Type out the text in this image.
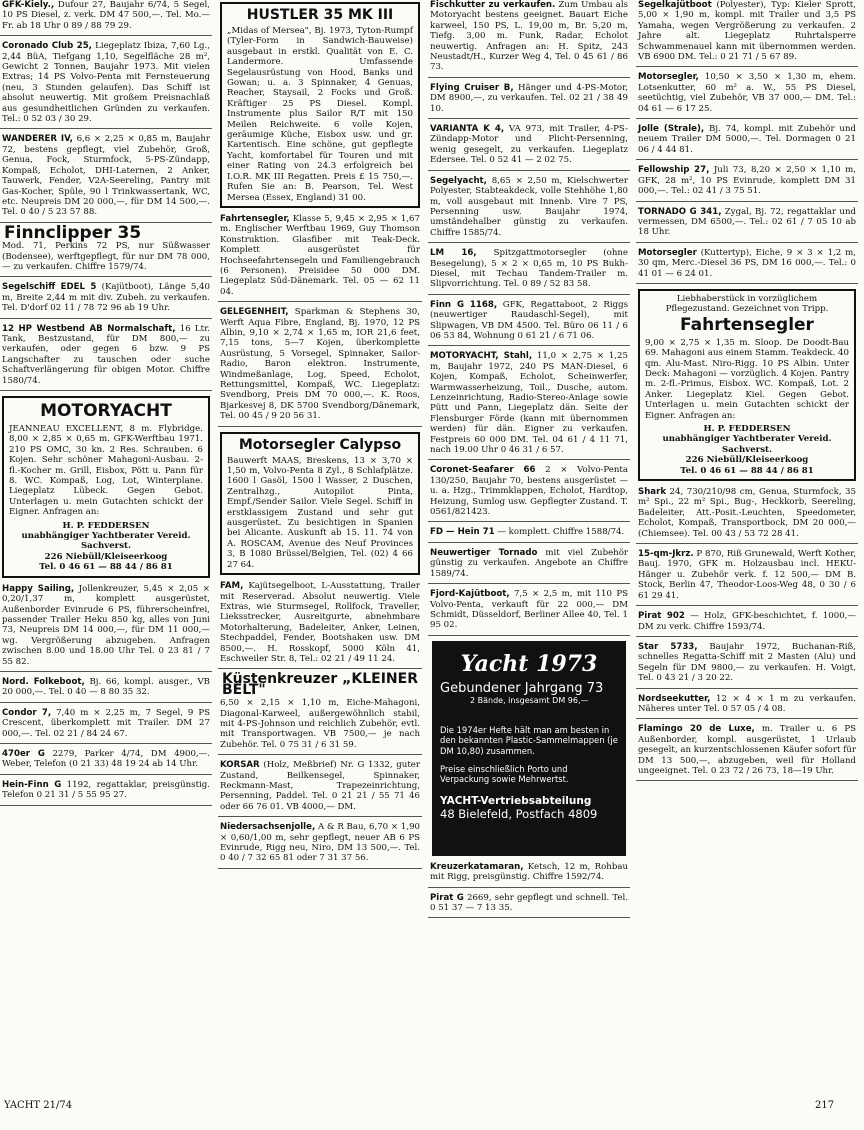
GFK-Kiely., Dufour 27, Baujahr 6/74, 5 Segel, 10 PS Diesel, z. verk. DM 47 500,—. Tel. Mo.—Fr. ab 18 Uhr 0 89 / 88 79 29.

Coronado Club 25, Liegeplatz Ibiza, 7,60 Lg., 2,44 BüA, Tiefgang 1,10, Segelfläche 28 m², Gewicht 2 Tonnen, Baujahr 1973. Mit vielen Extras; 14 PS Volvo-Penta mit Fernsteuerung (neu, 3 Stunden gelaufen). Das Schiff ist absolut neuwertig. Mit großem Preisnachlaß aus gesundheitlichen Gründen zu verkaufen. Tel.: 0 52 03 / 30 29.

WANDERER IV, 6,6 × 2,25 × 0,85 m, Baujahr 72, bestens gepflegt, viel Zubehör, Groß, Genua, Fock, Sturmfock, 5-PS-Zündapp, Kompaß, Echolot, DHI-Laternen, 2 Anker, Tauwerk, Fender, V2A-Seereling, Pantry mit Gas-Kocher, Spüle, 90 l Trinkwassertank, WC, etc. Neupreis DM 20 000,—, für DM 14 500,—. Tel. 0 40 / 5 23 57 88.

Finnclipper 35

Mod. 71, Perkins 72 PS, nur Süßwasser (Bodensee), werftgepflegt, für nur DM 78 000,— zu verkaufen. Chiffre 1579/74.

Segelschiff EDEL 5 (Kajütboot), Länge 5,40 m, Breite 2,44 m mit div. Zubeh. zu verkaufen. Tel. D'dorf 02 11 / 78 72 96 ab 19 Uhr.

12 HP Westbend AB Normalschaft, 16 Ltr. Tank, Bestzustand, für DM 800,— zu verkaufen, oder gegen 6 bzw. 9 PS Langschafter zu tauschen oder suche Schaftverlängerung für obigen Motor. Chiffre 1580/74.

MOTORYACHT

JEANNEAU EXCELLENT, 8 m. Flybridge. 8,00 × 2,85 × 0,65 m. GFK-Werftbau 1971. 210 PS OMC, 30 kn. 2 Res. Schrauben. 6 Kojen. Sehr schöner Mahagoni-Ausbau. 2-fl.-Kocher m. Grill, Eisbox, Pött u. Pann für 8. WC. Kompaß, Log, Lot, Winterplane. Liegeplatz Lübeck. Gegen Gebot. Unterlagen u. mein Gutachten schickt der Eigner. Anfragen an:

H. P. FEDDERSEN

unabhängiger Yachtberater Vereid. Sachverst.

226 Niebüll/Kleiseerkoog

Tel. 0 46 61 — 88 44 / 86 81

Happy Sailing, Jollenkreuzer, 5,45 × 2,05 × 0,20/1,37 m, komplett ausgerüstet, Außenborder Evinrude 6 PS, führerscheinfrei, passender Trailer Heku 850 kg, alles von Juni 73, Neupreis DM 14 000,—, für DM 11 000,— wg. Vergrößerung abzugeben. Anfragen zwischen 8.00 und 18.00 Uhr Tel. 0 23 81 / 7 55 82.

Nord. Folkeboot, Bj. 66, kompl. ausger., VB 20 000,—. Tel. 0 40 — 8 80 35 32.

Condor 7, 7,40 m × 2,25 m, 7 Segel, 9 PS Crescent, überkomplett mit Trailer. DM 27 000,—. Tel. 02 21 / 84 24 67.

470er G 2279, Parker 4/74, DM 4900,—. Weber, Telefon (0 21 33) 48 19 24 ab 14 Uhr.

Hein-Finn G 1192, regattaklar, preisgünstig. Telefon 0 21 31 / 5 55 95 27.

HUSTLER 35 MK III

„Midas of Mersea", Bj. 1973, Tyton-Rumpf (Tyler-Form in Sandwich-Bauweise) ausgebaut in erstkl. Qualität von E. C. Landermore. Umfassende Segelausrüstung von Hood, Banks und Gowan; u. a. 3 Spinnaker, 4 Genuas, Reacher, Staysail, 2 Focks und Groß. Kräftiger 25 PS Diesel. Kompl. Instrumente plus Sailor R/T mit 150 Meilen Reichweite. 6 volle Kojen, geräumige Küche, Eisbox usw. und gr. Kartentisch. Eine schöne, gut gepflegte Yacht, komfortabel für Touren und mit einer Rating von 24.3 erfolgreich bei I.O.R. MK III Regatten. Preis £ 15 750,—. Rufen Sie an: B. Pearson, Tel. West Mersea (Essex, England) 31 00.

Fahrtensegler, Klasse 5, 9,45 × 2,95 × 1,67 m. Englischer Werftbau 1969, Guy Thomson Konstruktion. Glasfiber mit Teak-Deck. Komplett ausgerüstet für Hochseefahrtensegeln und Familiengebrauch (6 Personen). Preisidee 50 000 DM. Liegeplatz Süd-Dänemark. Tel. 05 — 62 11 04.

GELEGENHEIT, Sparkman & Stephens 30, Werft Aqua Fibre, England, Bj. 1970, 12 PS Albin, 9,10 × 2,74 × 1,65 m, IOR 21,6 feet, 7,15 tons, 5—7 Kojen, überkomplette Ausrüstung, 5 Vorsegel, Spinnaker, Sailor-Radio, Baron elektron. Instrumente, Windmeßanlage, Log, Speed, Echolot, Rettungsmittel, Kompaß, WC. Liegeplatz: Svendborg, Preis DM 70 000,—. K. Roos, Bjarkesvej 8, DK 5700 Svendborg/Dänemark, Tel. 00 45 / 9 20 56 31.

Motorsegler Calypso

Bauwerft MAAS, Breskens, 13 × 3,70 × 1,50 m, Volvo-Penta 8 Zyl., 8 Schlafplätze. 1600 l Gasöl, 1500 l Wasser, 2 Duschen, Zentralhzg., Autopilot Pinta, Empf./Sender Sailor. Viele Segel. Schiff in erstklassigem Zustand und sehr gut ausgerüstet. Zu besichtigen in Spanien bei Alicante. Auskunft ab 15. 11. 74 von A. ROSCAM, Avenue des Neuf Provinces 3, B 1080 Brüssel/Belgien, Tel. (02) 4 66 27 64.

FAM, Kajütsegelboot, L-Ausstattung, Trailer mit Reserverad. Absolut neuwertig. Viele Extras, wie Sturmsegel, Rollfock, Traveller, Lieksstrecker, Ausreitgurte, abnehmbare Motorhalterung, Badeleiter, Anker, Leinen, Stechpaddel, Fender, Bootshaken usw. DM 8500,—. H. Rosskopf, 5000 Köln 41, Eschweiler Str. 8, Tel.: 02 21 / 49 11 24.

Küstenkreuzer „KLEINER BELT"

6,50 × 2,15 × 1,10 m, Eiche-Mahagoni, Diagonal-Karweel, außergewöhnlich stabil, mit 4-PS-Johnson und reichlich Zubehör, evtl. mit Transportwagen. VB 7500,— je nach Zubehör. Tel. 0 75 31 / 6 31 59.

KORSAR (Holz, Meßbrief) Nr. G 1332, guter Zustand, Beilkensegel, Spinnaker, Reckmann-Mast, Trapezeinrichtung, Persenning, Paddel. Tel. 0 21 21 / 55 71 46 oder 66 76 01. VB 4000,— DM.

Niedersachsenjolle, A & R Bau, 6,70 × 1,90 × 0,60/1,00 m, sehr gepflegt, neuer AB 6 PS Evinrude, Rigg neu, Niro, DM 13 500,—. Tel. 0 40 / 7 32 65 81 oder 7 31 37 56.

Fischkutter zu verkaufen. Zum Umbau als Motoryacht bestens geeignet. Bauart Eiche karweel, 150 PS, L. 19,00 m, Br. 5,20 m, Tiefg. 3,00 m. Funk, Radar, Echolot neuwertig. Anfragen an: H. Spitz, 243 Neustadt/H., Kurzer Weg 4, Tel. 0 45 61 / 86 73.

Flying Cruiser B, Hänger und 4-PS-Motor, DM 8900,—, zu verkaufen. Tel. 02 21 / 38 49 10.

VARIANTA K 4, VA 973, mit Trailer, 4-PS-Zündapp-Motor und Plicht-Persenning, wenig gesegelt, zu verkaufen. Liegeplatz Edersee. Tel. 0 52 41 — 2 02 75.

Segelyacht, 8,65 × 2,50 m, Kielschwerter Polyester, Stabteakdeck, volle Stehhöhe 1,80 m, voll ausgebaut mit Innenb. Vire 7 PS, Persenning usw. Baujahr 1974, umständehalber günstig zu verkaufen. Chiffre 1585/74.

LM 16, Spitzgattmotorsegler (ohne Besegelung), 5 × 2 × 0,65 m, 10 PS Bukh-Diesel, mit Techau Tandem-Trailer m. Slipvorrichtung. Tel. 0 89 / 52 83 58.

Finn G 1168, GFK, Regattaboot, 2 Riggs (neuwertiger Raudaschl-Segel), mit Slipwagen, VB DM 4500. Tel. Büro 06 11 / 6 06 53 84, Wohnung 0 61 21 / 6 71 06.

MOTORYACHT, Stahl, 11,0 × 2,75 × 1,25 m, Baujahr 1972, 240 PS MAN-Diesel, 6 Kojen, Kompaß, Echolot, Scheinwerfer, Warmwasserheizung, Toil., Dusche, autom. Lenzeinrichtung, Radio-Stereo-Anlage sowie Pütt und Pann, Liegeplatz dän. Seite der Flensburger Förde (kann mit übernommen werden) für dän. Eigner zu verkaufen. Festpreis 60 000 DM. Tel. 04 61 / 4 11 71, nach 19.00 Uhr 0 46 31 / 6 57.

Coronet-Seafarer 66 2 × Volvo-Penta 130/250, Baujahr 70, bestens ausgerüstet — u. a. Hzg., Trimmklappen, Echolot, Hardtop, Heizung, Sumlog usw. Gepflegter Zustand. T. 0561/821423.

FD — Hein 71 — komplett. Chiffre 1588/74.

Neuwertiger Tornado mit viel Zubehör günstig zu verkaufen. Angebote an Chiffre 1589/74.

Fjord-Kajütboot, 7,5 × 2,5 m, mit 110 PS Volvo-Penta, verkauft für 22 000,— DM Schmidt, Düsseldorf, Berliner Allee 40, Tel. 1 95 02.

Yacht 1973
Gebundener Jahrgang 73
2 Bände, insgesamt DM 96,—
Die 1974er Hefte hält man am besten in den bekannten Plastic-Sammelmappen (je DM 10,80) zusammen.
Preise einschließlich Porto und Verpackung sowie Mehrwertst.
YACHT-Vertriebsabteilung
48 Bielefeld, Postfach 4809

Kreuzerkatamaran, Ketsch, 12 m, Rohbau mit Rigg, preisgünstig. Chiffre 1592/74.

Pirat G 2669, sehr gepflegt und schnell. Tel. 0 51 37 — 7 13 35.

Segelkajütboot (Polyester), Typ: Kieler Sprott, 5,00 × 1,90 m, kompl. mit Trailer und 3,5 PS Yamaha, wegen Vergrößerung zu verkaufen. 2 Jahre alt. Liegeplatz Ruhrtalsperre Schwammenauel kann mit übernommen werden. VB 6900 DM. Tel.: 0 21 71 / 5 67 89.

Motorsegler, 10,50 × 3,50 × 1,30 m, ehem. Lotsenkutter, 60 m² a. W., 55 PS Diesel, seetüchtig, viel Zubehör, VB 37 000,— DM. Tel.: 04 61 — 6 17 25.

Jolle (Strale), Bj. 74, kompl. mit Zubehör und neuem Trailer DM 5000,—. Tel. Dormagen 0 21 06 / 4 44 81.

Fellowship 27, Juli 73, 8,20 × 2,50 × 1,10 m, GFK, 28 m², 10 PS Evinrude, komplett DM 31 000,—. Tel.: 02 41 / 3 75 51.

TORNADO G 341, Zygal, Bj. 72, regattaklar und vermessen, DM 6500,—. Tel.: 02 61 / 7 05 10 ab 18 Uhr.

Motorsegler (Kuttertyp), Eiche, 9 × 3 × 1,2 m, 30 qm, Merc.-Diesel 36 PS, DM 16 000,—. Tel.: 0 41 01 — 6 24 01.

Liebhaberstück in vorzüglichem Pflegezustand. Gezeichnet von Tripp.

Fahrtensegler

9,00 × 2,75 × 1,35 m. Sloop. De Doodt-Bau 69. Mahagoni aus einem Stamm. Teakdeck. 40 qm. Alu-Mast. Niro-Rigg. 10 PS Albin. Unter Deck: Mahagoni — vorzüglich. 4 Kojen. Pantry m. 2-fl.-Primus, Eisbox. WC. Kompaß, Lot. 2 Anker. Liegeplatz Kiel. Gegen Gebot. Unterlagen u. mein Gutachten schickt der Eigner. Anfragen an:

H. P. FEDDERSEN

unabhängiger Yachtberater Vereid. Sachverst.

226 Niebüll/Kleiseerkoog

Tel. 0 46 61 — 88 44 / 86 81

Shark 24, 730/210/98 cm, Genua, Sturmfock, 35 m² Spi., 22 m² Spi., Bug-, Heckkorb, Seereling, Badeleiter, Att.-Posit.-Leuchten, Speedometer, Echolot, Kompaß, Transportbock, DM 20 000,— (Chiemsee). Tel. 00 43 / 53 72 28 41.

15-qm-Jkrz. P 870, Riß Grunewald, Werft Kother, Bauj. 1970, GFK m. Holzausbau incl. HEKU-Hänger u. Zubehör verk. f. 12 500,— DM B. Stock, Berlin 47, Theodor-Loos-Weg 48, 0 30 / 6 61 29 41.

Pirat 902 — Holz, GFK-beschichtet, f. 1000,— DM zu verk. Chiffre 1593/74.

Star 5733, Baujahr 1972, Buchanan-Riß, schnelles Regatta-Schiff mit 2 Masten (Alu) und Segeln für DM 9800,— zu verkaufen. H. Voigt, Tel. 0 43 21 / 3 20 22.

Nordseekutter, 12 × 4 × 1 m zu verkaufen. Näheres unter Tel. 0 57 05 / 4 08.

Flamingo 20 de Luxe, m. Trailer u. 6 PS Außenborder, kompl. ausgerüstet, 1 Urlaub gesegelt, an kurzentschlossenen Käufer sofort für DM 13 500,—, abzugeben, weil für Holland ungeeignet. Tel. 0 23 72 / 26 73, 18—19 Uhr.

YACHT 21/74	217
